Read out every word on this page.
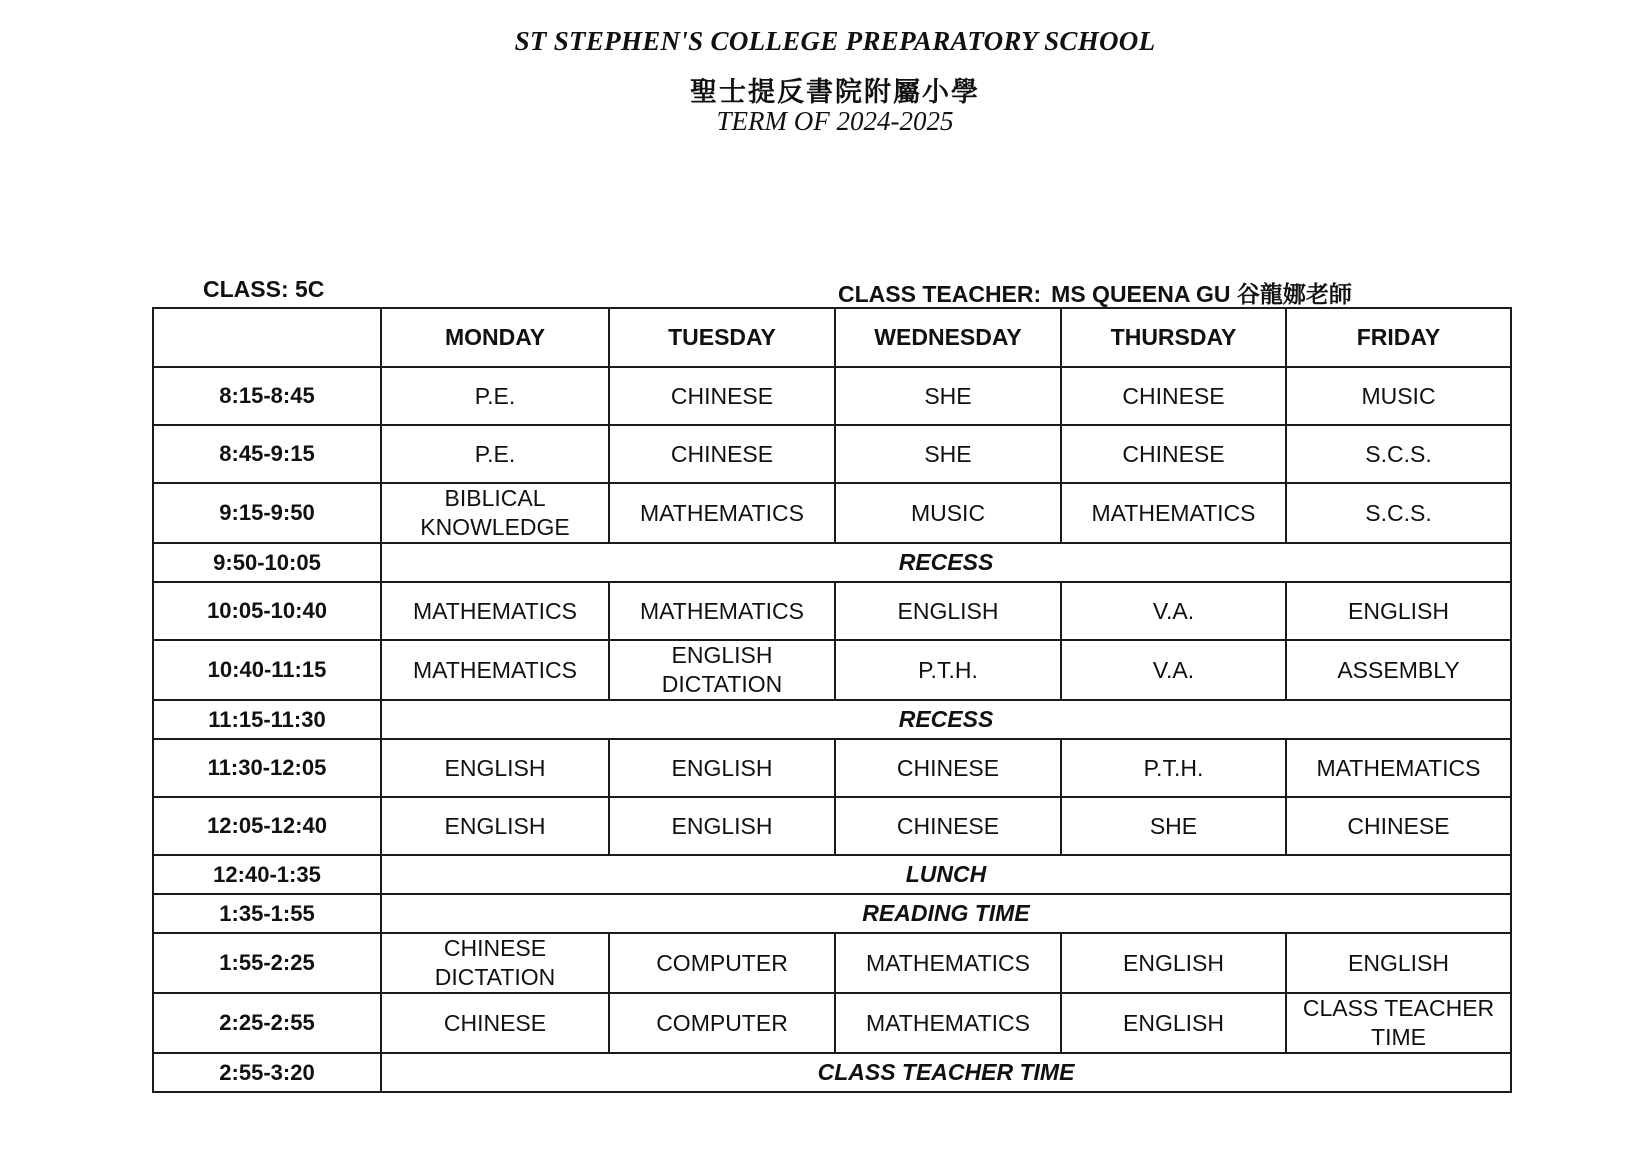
ST STEPHEN'S COLLEGE PREPARATORY SCHOOL
聖士提反書院附屬小學
TERM OF 2024-2025
CLASS: 5C	CLASS TEACHER: MS QUEENA GU 谷龍娜老師
	MONDAY	TUESDAY	WEDNESDAY	THURSDAY	FRIDAY
8:15-8:45	P.E.	CHINESE	SHE	CHINESE	MUSIC
8:45-9:15	P.E.	CHINESE	SHE	CHINESE	S.C.S.
9:15-9:50	BIBLICAL KNOWLEDGE	MATHEMATICS	MUSIC	MATHEMATICS	S.C.S.
9:50-10:05	RECESS				
10:05-10:40	MATHEMATICS	MATHEMATICS	ENGLISH	V.A.	ENGLISH
10:40-11:15	MATHEMATICS	ENGLISH DICTATION	P.T.H.	V.A.	ASSEMBLY
11:15-11:30	RECESS				
11:30-12:05	ENGLISH	ENGLISH	CHINESE	P.T.H.	MATHEMATICS
12:05-12:40	ENGLISH	ENGLISH	CHINESE	SHE	CHINESE
12:40-1:35	LUNCH				
1:35-1:55	READING TIME				
1:55-2:25	CHINESE DICTATION	COMPUTER	MATHEMATICS	ENGLISH	ENGLISH
2:25-2:55	CHINESE	COMPUTER	MATHEMATICS	ENGLISH	CLASS TEACHER TIME
2:55-3:20	CLASS TEACHER TIME				
